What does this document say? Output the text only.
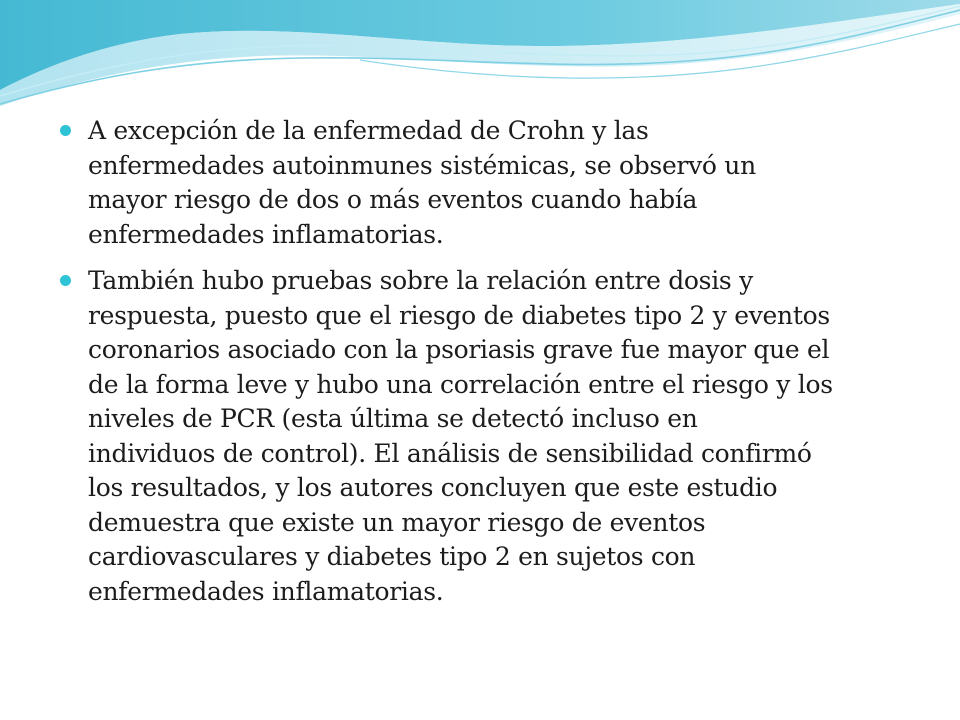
A excepción de la enfermedad de Crohn y las
enfermedades autoinmunes sistémicas, se observó un
mayor riesgo de dos o más eventos cuando había
enfermedades inflamatorias.
También hubo pruebas sobre la relación entre dosis y
respuesta, puesto que el riesgo de diabetes tipo 2 y eventos
coronarios asociado con la psoriasis grave fue mayor que el
de la forma leve y hubo una correlación entre el riesgo y los
niveles de PCR (esta última se detectó incluso en
individuos de control). El análisis de sensibilidad confirmó
los resultados, y los autores concluyen que este estudio
demuestra que existe un mayor riesgo de eventos
cardiovasculares y diabetes tipo 2 en sujetos con
enfermedades inflamatorias.
